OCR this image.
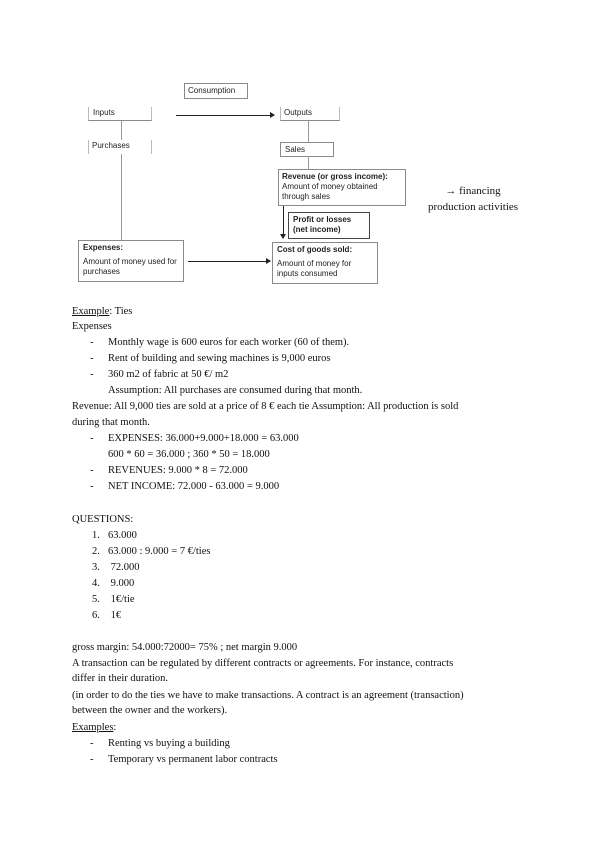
Consumption
Inputs	Outputs
Purchases	Sales
Revenue (or gross income):
Amount of money obtained through sales	→ financing production activities
Profit or losses (net income)
Expenses:
Amount of money used for purchases
Cost of goods sold:
Amount of money for inputs consumed
Example: Ties
Expenses
- Monthly wage is 600 euros for each worker (60 of them).
- Rent of building and sewing machines is 9,000 euros
- 360 m2 of fabric at 50 €/ m2
Assumption: All purchases are consumed during that month.
Revenue: All 9,000 ties are sold at a price of 8 € each tie Assumption: All production is sold
during that month.
- EXPENSES: 36.000+9.000+18.000 = 63.000
600 * 60 = 36.000 ; 360 * 50 = 18.000
- REVENUES: 9.000 * 8 = 72.000
- NET INCOME: 72.000 - 63.000 = 9.000
QUESTIONS:
1. 63.000
2. 63.000 : 9.000 = 7 €/ties
3. 72.000
4. 9.000
5. 1€/tie
6. 1€
gross margin: 54.000:72000= 75% ; net margin 9.000
A transaction can be regulated by different contracts or agreements. For instance, contracts
differ in their duration.
(in order to do the ties we have to make transactions. A contract is an agreement (transaction)
between the owner and the workers).
Examples:
- Renting vs buying a building
- Temporary vs permanent labor contracts
